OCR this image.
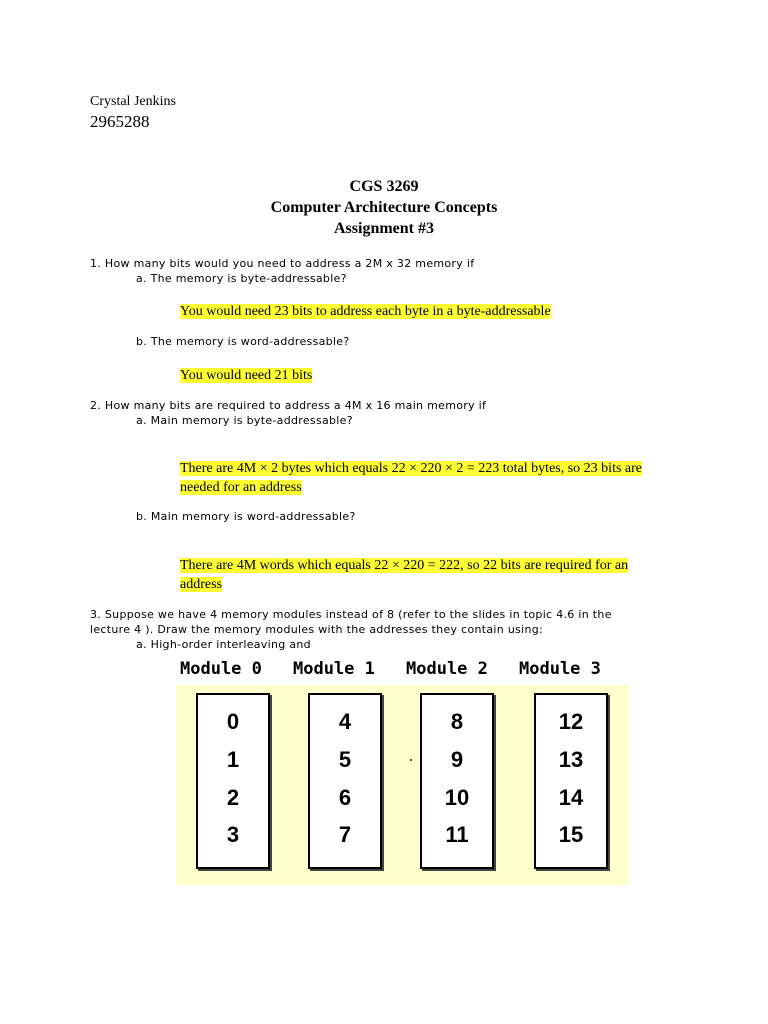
Crystal Jenkins
2965288
CGS 3269
Computer Architecture Concepts
Assignment #3
1. How many bits would you need to address a 2M x 32 memory if
a. The memory is byte-addressable?
You would need 23 bits to address each byte in a byte-addressable
b. The memory is word-addressable?
You would need 21 bits
2. How many bits are required to address a 4M x 16 main memory if
a. Main memory is byte-addressable?
There are 4M × 2 bytes which equals 22 × 220 × 2 = 223 total bytes, so 23 bits are
needed for an address
b. Main memory is word-addressable?
There are 4M words which equals 22 × 220 = 222, so 22 bits are required for an
address
3. Suppose we have 4 memory modules instead of 8 (refer to the slides in topic 4.6 in the
lecture 4 ). Draw the memory modules with the addresses they contain using:
a. High-order interleaving and
Module 0 Module 1 Module 2 Module 3
0
1
2
3
4
5
6
7
8
9
10
11
12
13
14
15
